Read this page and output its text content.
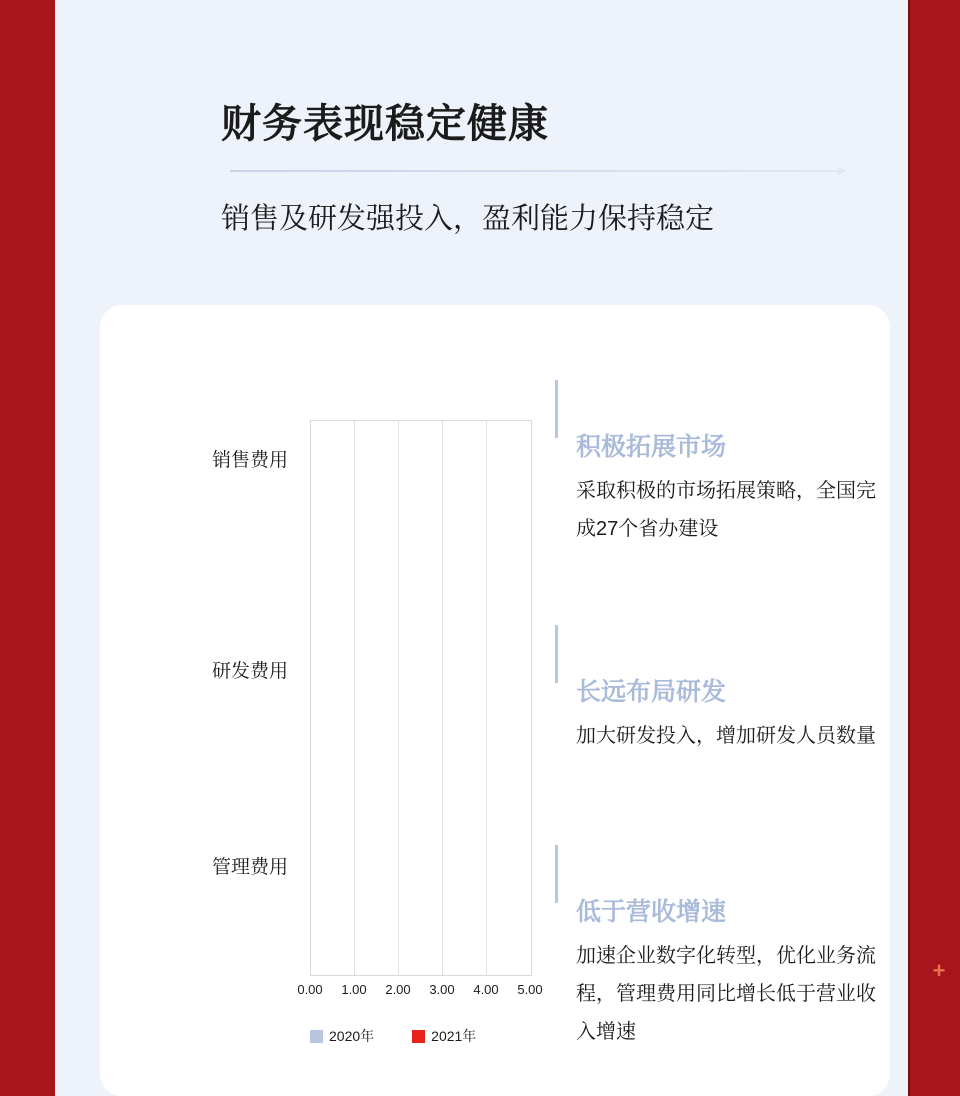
财务表现稳定健康
销售及研发强投入，盈利能力保持稳定
销售费用
研发费用
管理费用
0.00 1.00 2.00 3.00 4.00 5.00
2020年	2021年
积极拓展市场
采取积极的市场拓展策略，全国完成27个省办建设
长远布局研发
加大研发投入，增加研发人员数量
低于营收增速
加速企业数字化转型，优化业务流程，管理费用同比增长低于营业收入增速
+
